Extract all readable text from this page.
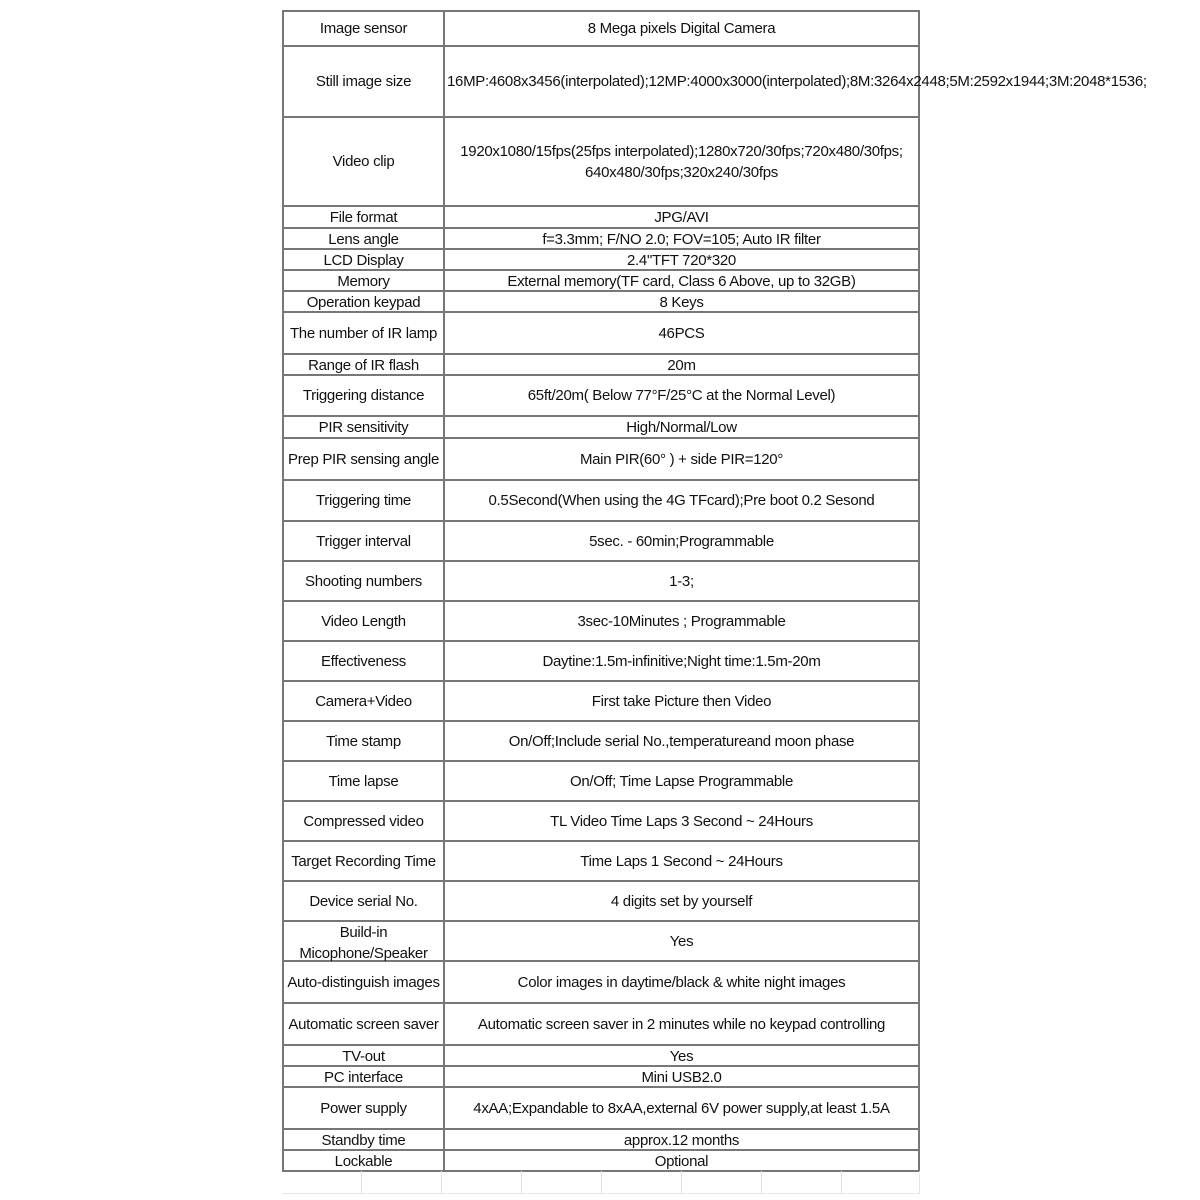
Image sensor	8 Mega pixels Digital Camera

Still image size	16MP:4608x3456(interpolated);12MP:4000x3000(interpolated);8M:3264x2448;5M:2592x1944;3M:2048*1536;

Video clip	1920x1080/15fps(25fps interpolated);1280x720/30fps;720x480/30fps; 640x480/30fps;320x240/30fps

File format	JPG/AVI

Lens angle	f=3.3mm; F/NO 2.0; FOV=105; Auto IR filter

LCD Display	2.4"TFT 720*320

Memory	External memory(TF card, Class 6 Above, up to 32GB)

Operation keypad	8 Keys

The number of IR lamp	46PCS

Range of IR flash	20m

Triggering distance	65ft/20m( Below 77°F/25°C at the Normal Level)

PIR sensitivity	High/Normal/Low

Prep PIR sensing angle	Main PIR(60° ) + side PIR=120°

Triggering time	0.5Second(When using the 4G TFcard);Pre boot 0.2 Sesond

Trigger interval	5sec. - 60min;Programmable

Shooting numbers	1-3;

Video Length	3sec-10Minutes ; Programmable

Effectiveness	Daytine:1.5m-infinitive;Night time:1.5m-20m

Camera+Video	First take Picture then Video

Time stamp	On/Off;Include serial No.,temperatureand moon phase

Time lapse	On/Off; Time Lapse Programmable

Compressed video	TL Video Time Laps 3 Second ~ 24Hours

Target Recording Time	Time Laps 1 Second ~ 24Hours

Device serial No.	4 digits set by yourself

Build-in Micophone/Speaker	Yes

Auto-distinguish images	Color images in daytime/black & white night images

Automatic screen saver	Automatic screen saver in 2 minutes while no keypad controlling

TV-out	Yes

PC interface	Mini USB2.0

Power supply	4xAA;Expandable to 8xAA,external 6V power supply,at least 1.5A

Standby time	approx.12 months

Lockable	Optional
